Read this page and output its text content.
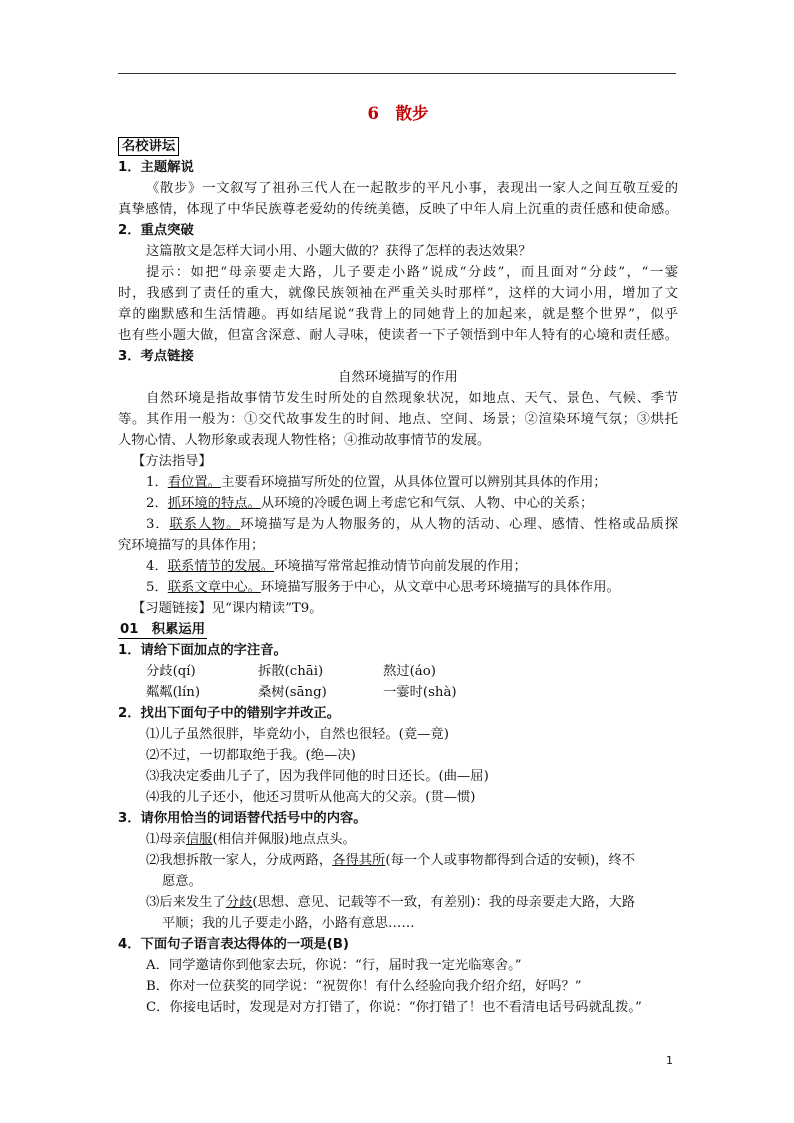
6　散步
名校讲坛
1．主题解说
《散步》一文叙写了祖孙三代人在一起散步的平凡小事，表现出一家人之间互敬互爱的
真挚感情，体现了中华民族尊老爱幼的传统美德，反映了中年人肩上沉重的责任感和使命感。
2．重点突破
这篇散文是怎样大词小用、小题大做的？获得了怎样的表达效果？
提示：如把“母亲要走大路，儿子要走小路”说成“分歧”，而且面对“分歧”，“一霎
时，我感到了责任的重大，就像民族领袖在严重关头时那样”，这样的大词小用，增加了文
章的幽默感和生活情趣。再如结尾说“我背上的同她背上的加起来，就是整个世界”，似乎
也有些小题大做，但富含深意、耐人寻味，使读者一下子领悟到中年人特有的心境和责任感。
3．考点链接
自然环境描写的作用
自然环境是指故事情节发生时所处的自然现象状况，如地点、天气、景色、气候、季节
等。其作用一般为：①交代故事发生的时间、地点、空间、场景；②渲染环境气氛；③烘托
人物心情、人物形象或表现人物性格；④推动故事情节的发展。
【方法指导】
1．看位置。主要看环境描写所处的位置，从具体位置可以辨别其具体的作用；
2．抓环境的特点。从环境的冷暖色调上考虑它和气氛、人物、中心的关系；
3．联系人物。环境描写是为人物服务的，从人物的活动、心理、感情、性格或品质探
究环境描写的具体作用；
4．联系情节的发展。环境描写常常起推动情节向前发展的作用；
5．联系文章中心。环境描写服务于中心，从文章中心思考环境描写的具体作用。
【习题链接】见“课内精读”T9。
01　积累运用
1．请给下面加点的字注音。
分歧(qí)	拆散(chāi)	熬过(áo)
粼粼(lín)	桑树(sāng)	一霎时(shà)
2．找出下面句子中的错别字并改正。
⑴儿子虽然很胖，毕竟幼小，自然也很轻。(竟—竟)
⑵不过，一切都取绝于我。(绝—决)
⑶我决定委曲儿子了，因为我伴同他的时日还长。(曲—屈)
⑷我的儿子还小，他还习贯听从他高大的父亲。(贯—惯)
3．请你用恰当的词语替代括号中的内容。
⑴母亲信服(相信并佩服)地点点头。
⑵我想拆散一家人，分成两路，各得其所(每一个人或事物都得到合适的安顿)，终不
愿意。
⑶后来发生了分歧(思想、意见、记载等不一致，有差别)：我的母亲要走大路，大路
平顺；我的儿子要走小路，小路有意思……
4．下面句子语言表达得体的一项是(B)
A．同学邀请你到他家去玩，你说：“行，届时我一定光临寒舍。”
B．你对一位获奖的同学说：“祝贺你！有什么经验向我介绍介绍，好吗？”
C．你接电话时，发现是对方打错了，你说：“你打错了！也不看清电话号码就乱拨。”
1
